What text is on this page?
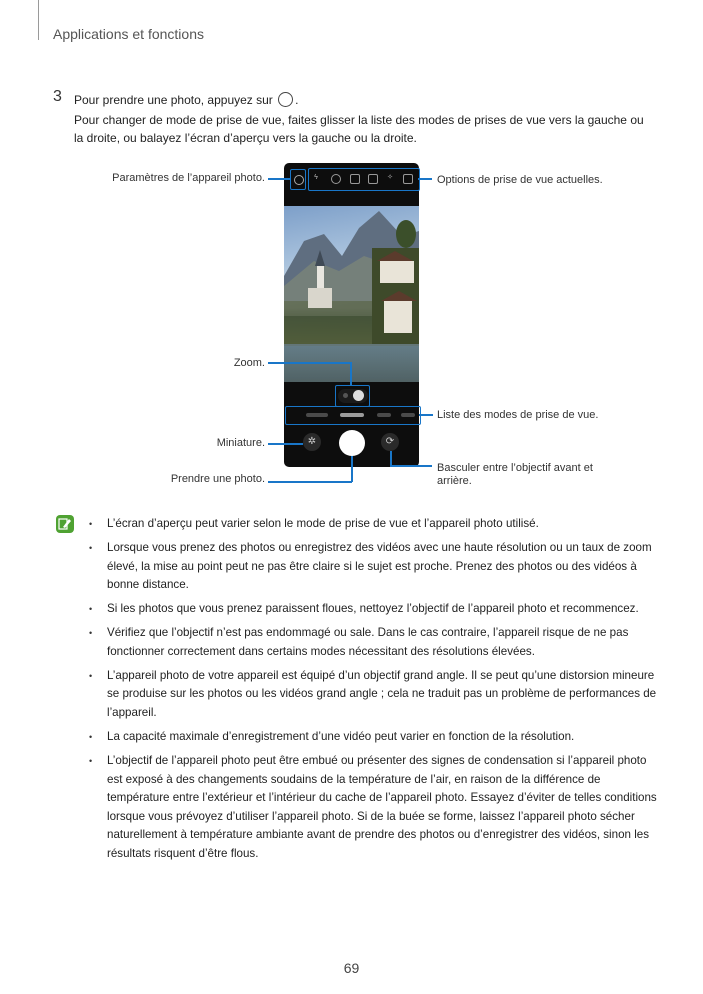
Applications et fonctions
3 Pour prendre une photo, appuyez sur .
Pour changer de mode de prise de vue, faites glisser la liste des modes de prises de vue vers la gauche ou la droite, ou balayez l’écran d’aperçu vers la gauche ou la droite.
ϟ	✧
✲	⟳
Paramètres de l’appareil photo.	Options de prise de vue actuelles.
Zoom.
Liste des modes de prise de vue.
Miniature.
Prendre une photo.
Basculer entre l’objectif avant et arrière.
• L’écran d’aperçu peut varier selon le mode de prise de vue et l’appareil photo utilisé.
• Lorsque vous prenez des photos ou enregistrez des vidéos avec une haute résolution ou un taux de zoom élevé, la mise au point peut ne pas être claire si le sujet est proche. Prenez des photos ou des vidéos à bonne distance.
• Si les photos que vous prenez paraissent floues, nettoyez l’objectif de l’appareil photo et recommencez.
• Vérifiez que l’objectif n’est pas endommagé ou sale. Dans le cas contraire, l’appareil risque de ne pas fonctionner correctement dans certains modes nécessitant des résolutions élevées.
• L’appareil photo de votre appareil est équipé d’un objectif grand angle. Il se peut qu’une distorsion mineure se produise sur les photos ou les vidéos grand angle ; cela ne traduit pas un problème de performances de l’appareil.
• La capacité maximale d’enregistrement d’une vidéo peut varier en fonction de la résolution.
• L’objectif de l’appareil photo peut être embué ou présenter des signes de condensation si l’appareil photo est exposé à des changements soudains de la température de l’air, en raison de la différence de température entre l’extérieur et l’intérieur du cache de l’appareil photo. Essayez d’éviter de telles conditions lorsque vous prévoyez d’utiliser l’appareil photo. Si de la buée se forme, laissez l’appareil photo sécher naturellement à température ambiante avant de prendre des photos ou d’enregistrer des vidéos, sinon les résultats risquent d’être flous.
69
